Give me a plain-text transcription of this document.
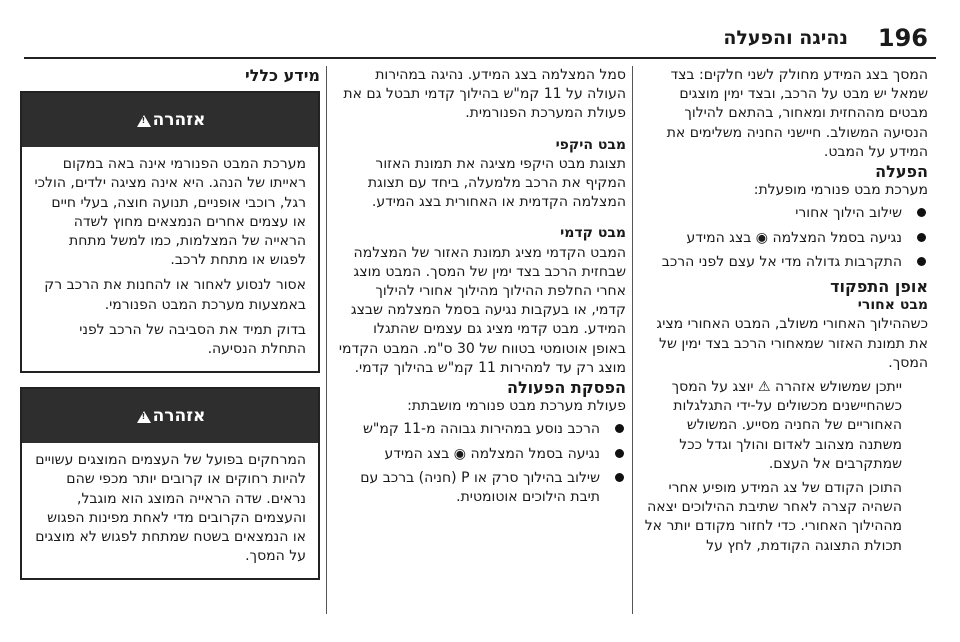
196
נהיגה והפעלה

המסך בצג המידע מחולק לשני חלקים: בצד שמאל יש מבט על הרכב, ובצד ימין מוצגים מבטים מההחזית ומאחור, בהתאם להילוך הנסיעה המשולב. חיישני החניה משלימים את המידע על המבט.

הפעלה

מערכת מבט פנורמי מופעלת:

שילוב הילוך אחורי
נגיעה בסמל המצלמה ◉ בצג המידע
התקרבות גדולה מדי אל עצם לפני הרכב

אופן התפקוד

מבט אחורי

כשההילוך האחורי משולב, המבט האחורי מציג את תמונת האזור שמאחורי הרכב בצד ימין של המסך.

ייתכן שמשולש אזהרה ⚠ יוצג על המסך כשהחיישנים מכשולים על-ידי התגלגלות האחוריים של החניה מסייע. המשולש משתנה מצהוב לאדום והולך וגדל ככל שמתקרבים אל העצם.

התוכן הקודם של צג המידע מופיע אחרי השהיה קצרה לאחר שתיבת ההילוכים יצאה מההילוך האחורי. כדי לחזור מקודם יותר אל תכולת התצוגה הקודמת, לחץ על

סמל המצלמה בצג המידע. נהיגה במהירות העולה על 11 קמ"ש בהילוך קדמי תבטל גם את פעולת המערכת הפנורמית.

מבט היקפי

תצוגת מבט היקפי מציגה את תמונת האזור המקיף את הרכב מלמעלה, ביחד עם תצוגת המצלמה הקדמית או האחורית בצג המידע.

מבט קדמי

המבט הקדמי מציג תמונת האזור של המצלמה שבחזית הרכב בצד ימין של המסך. המבט מוצג אחרי החלפת ההילוך מהילוך אחורי להילוך קדמי, או בעקבות נגיעה בסמל המצלמה שבצג המידע. מבט קדמי מציג גם עצמים שהתגלו באופן אוטומטי בטווח של 30 ס"מ. המבט הקדמי מוצג רק עד למהירות 11 קמ"ש בהילוך קדמי.

הפסקת הפעולה

פעולת מערכת מבט פנורמי מושבתת:

הרכב נוסע במהירות גבוהה מ-11 קמ"ש
נגיעה בסמל המצלמה ◉ בצג המידע
שילוב בהילוך סרק או P (חניה) ברכב עם תיבת הילוכים אוטומטית.

מידע כללי

אזהרה!

מערכת המבט הפנורמי אינה באה במקום ראייתו של הנהג. היא אינה מציגה ילדים, הולכי רגל, רוכבי אופניים, תנועה חוצה, בעלי חיים או עצמים אחרים הנמצאים מחוץ לשדה הראייה של המצלמות, כמו למשל מתחת לפגוש או מתחת לרכב.

אסור לנסוע לאחור או להחנות את הרכב רק באמצעות מערכת המבט הפנורמי.

בדוק תמיד את הסביבה של הרכב לפני התחלת הנסיעה.

אזהרה!

המרחקים בפועל של העצמים המוצגים עשויים להיות רחוקים או קרובים יותר מכפי שהם נראים. שדה הראייה המוצג הוא מוגבל, והעצמים הקרובים מדי לאחת מפינות הפגוש או הנמצאים בשטח שמתחת לפגוש לא מוצגים על המסך.
